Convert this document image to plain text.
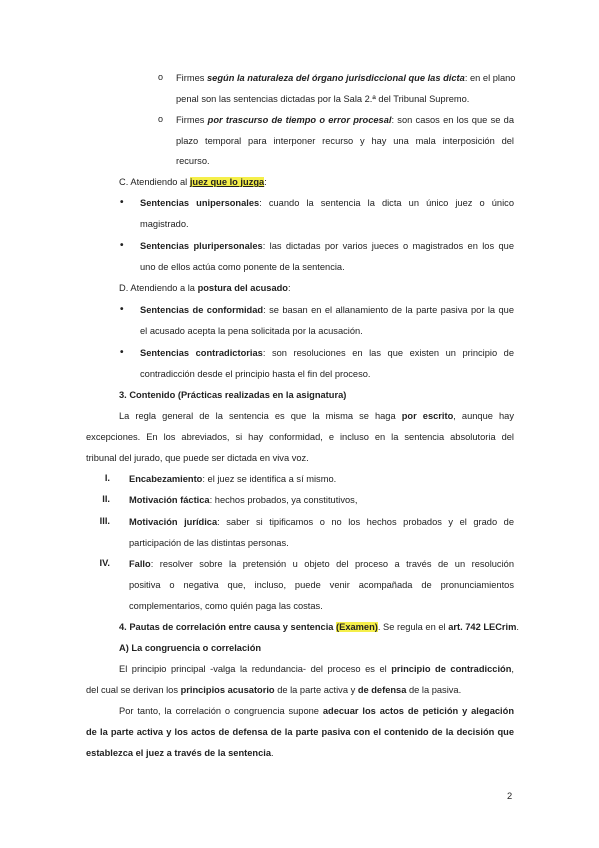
o Firmes según la naturaleza del órgano jurisdiccional que las dicta: en el plano
penal son las sentencias dictadas por la Sala 2.ª del Tribunal Supremo.
o Firmes por trascurso de tiempo o error procesal: son casos en los que se da
plazo temporal para interponer recurso y hay una mala interposición del
recurso.
C. Atendiendo al juez que lo juzga:
• Sentencias unipersonales: cuando la sentencia la dicta un único juez o único
magistrado.
• Sentencias pluripersonales: las dictadas por varios jueces o magistrados en los que
uno de ellos actúa como ponente de la sentencia.
D. Atendiendo a la postura del acusado:
• Sentencias de conformidad: se basan en el allanamiento de la parte pasiva por la que
el acusado acepta la pena solicitada por la acusación.
• Sentencias contradictorias: son resoluciones en las que existen un principio de
contradicción desde el principio hasta el fin del proceso.
3. Contenido (Prácticas realizadas en la asignatura)
La regla general de la sentencia es que la misma se haga por escrito, aunque hay
excepciones. En los abreviados, si hay conformidad, e incluso en la sentencia absolutoria del
tribunal del jurado, que puede ser dictada en viva voz.
I. Encabezamiento: el juez se identifica a sí mismo.
II. Motivación fáctica: hechos probados, ya constitutivos,
III. Motivación jurídica: saber si tipificamos o no los hechos probados y el grado de
participación de las distintas personas.
IV. Fallo: resolver sobre la pretensión u objeto del proceso a través de un resolución
positiva o negativa que, incluso, puede venir acompañada de pronunciamientos
complementarios, como quién paga las costas.
4. Pautas de correlación entre causa y sentencia (Examen). Se regula en el art. 742 LECrim.
A) La congruencia o correlación
El principio principal -valga la redundancia- del proceso es el principio de contradicción,
del cual se derivan los principios acusatorio de la parte activa y de defensa de la pasiva.
Por tanto, la correlación o congruencia supone adecuar los actos de petición y alegación
de la parte activa y los actos de defensa de la parte pasiva con el contenido de la decisión que
establezca el juez a través de la sentencia.
2
